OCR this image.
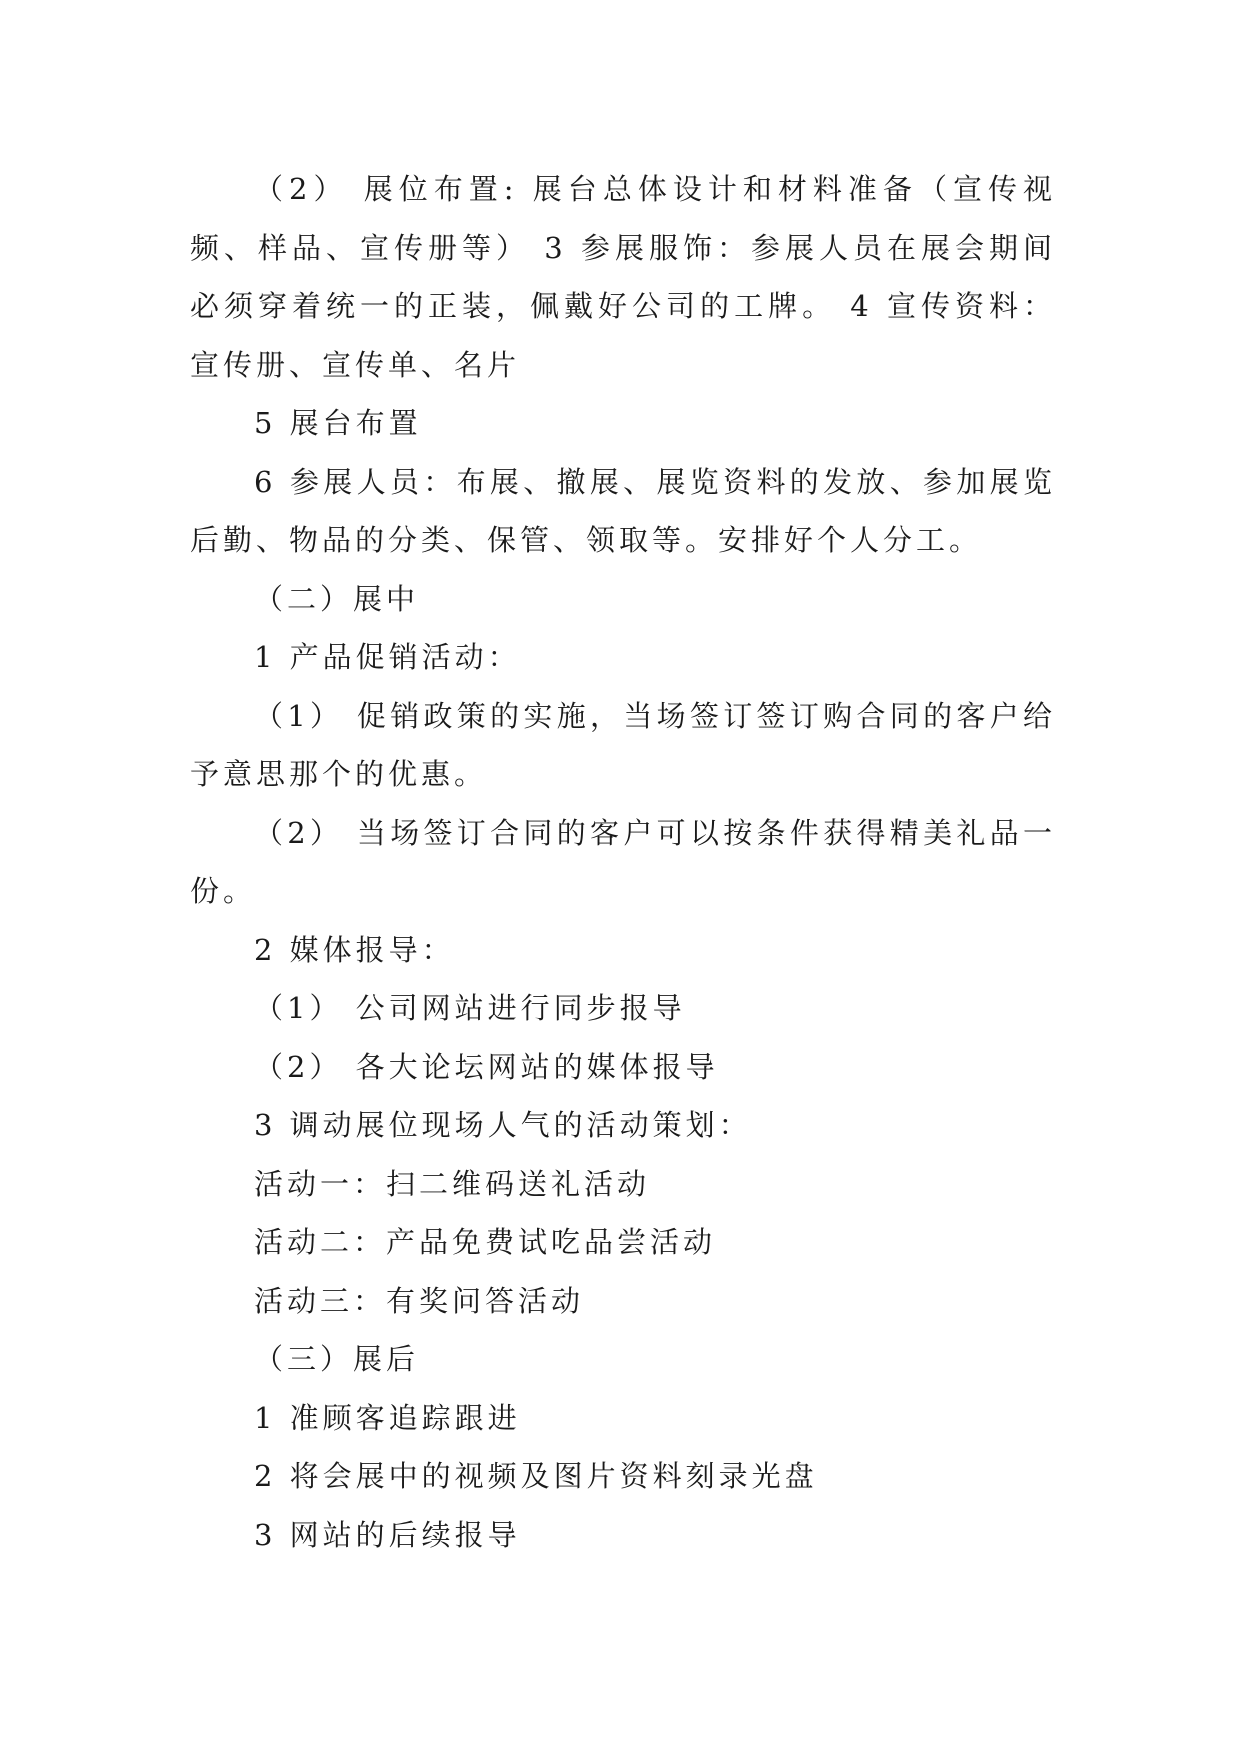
（2） 展位布置: 展台总体设计和材料准备（宣传视频、样品、宣传册等） 3 参展服饰：参展人员在展会期间必须穿着统一的正装，佩戴好公司的工牌。 4 宣传资料：宣传册、宣传单、名片

5 展台布置

6 参展人员：布展、撤展、展览资料的发放、参加展览后勤、物品的分类、保管、领取等。安排好个人分工。

（二）展中

1 产品促销活动：

（1） 促销政策的实施，当场签订签订购合同的客户给予意思那个的优惠。

（2） 当场签订合同的客户可以按条件获得精美礼品一份。

2 媒体报导：

（1） 公司网站进行同步报导

（2） 各大论坛网站的媒体报导

3 调动展位现场人气的活动策划：

活动一：扫二维码送礼活动

活动二：产品免费试吃品尝活动

活动三：有奖问答活动

（三）展后

1 准顾客追踪跟进

2 将会展中的视频及图片资料刻录光盘

3 网站的后续报导
